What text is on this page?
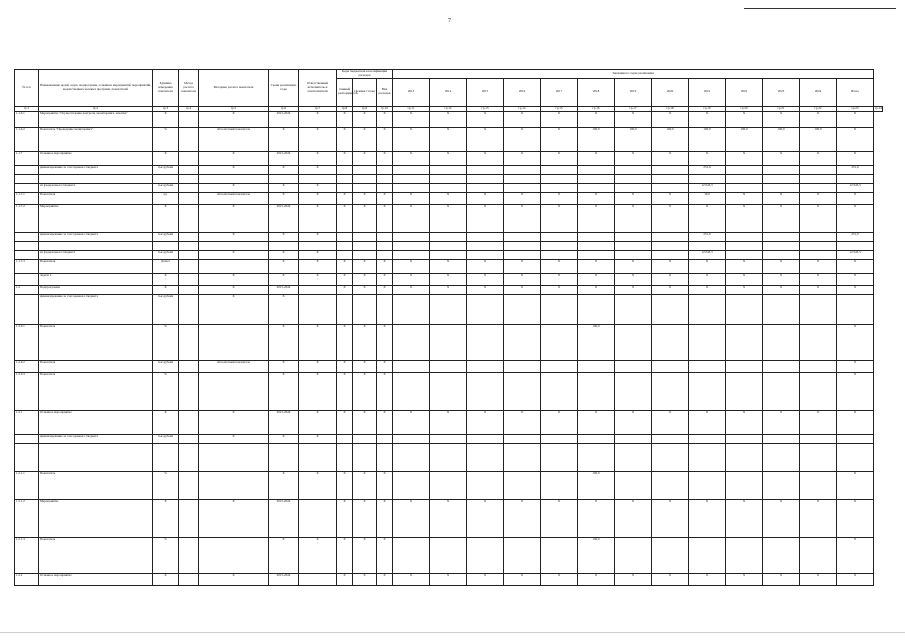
7
№ п/п	Наименование целей, задач, подпрограмм, основных мероприятий, мероприятий, ведомственных целевых программ, показателей	Единица измерения показателя	Метод расчета показателя	Методика расчета показателя	Сроки реализации, годы	Ответственный исполнитель и соисполнители	Коды бюджетной классификации расходов			Значения по годам реализации													
							главный распорядитель	Целевая статья	Вид расходов	2013	2014	2015	2016	2017	2018	2019	2020	2021	2022	2023	2024	Итого	
гр.1	гр.2	гр.3	гр.4	гр.5	гр.6	гр.7	гр.8	гр.9	гр.10	гр.11	гр.12	гр.13	гр.14	гр.15	гр.16	гр.17	гр.18	гр.19	гр.20	гр.21	гр.22	гр.23	гр.24
1.1.6.1	Мероприятие "Осуществление контроля, мониторинга, анализа"	X		X	2015-2024	X	X	X	X	X	X	X	X	X	X	X	X	X	X	X	X	X	
1.1.6.2	Показатель "Проведение мониторинга"	%		Абсолютный показатель	X	X	X	X	X	X	X	X	X	X	100,0	100,0	100,0	100,0	100,0	100,0	100,0	X	
1.1.7	Основное мероприятие	X		X	2015-2024	X	X	X	X	X	X	X	X	X	X	X	X	X	X	X	X	X	
	финансирование за счет краевого бюджета	тыс.рублей		X	X	X												251,9				251,9	

	из федерального бюджета	тыс.рублей		X	X	X												12 043,3				12 043,3	
1.1.7.1	Показатель	ед.		Абсолютный показатель	X	X	X	X	X	X	X	X	X	X	X	X	X	10,0	X	X	X	X	
1.1.7.2	Мероприятие	X		X	2015-2024	X	X	X	X	X	X	X	X	X	X	X	X	X	X	X	X	X	
	финансирование за счет краевого бюджета	тыс.рублей		X	X	X												251,9				251,9	

	из федерального бюджета	тыс.рублей		X	X	X												12 043,3				12 043,3	
1.1.7.3	Показатель	Да/нет			X	X	X	X	X	X	X	X	X	X	X	X	X	X	X	X	X	X	
	Задача 2	X		X	X	X	X	X	X	X	X	X	X	X	X	X	X	X	X	X	X	X	
1.2	Подпрограмма	X		X	2015-2024		X	X	X	X	X	X	X	X	X	X	X	X	X	X	X	X	
	финансирование за счет краевого бюджета	тыс.рублей		X	X																		
1.2.0.1	Показатель	%			X	X	X	X	X						100,0							X	
1.2.0.2	Показатель	тыс.рублей		Абсолютный показатель	X	X	X	X	X													X	
1.2.0.3	Показатель	%			X	X	X	X	X													X	
1.2.1	Основное мероприятие	X		X	2015-2024	X	X	X	X	X	X	X	X	X	X	X	X	X	X	X	X	X	
	финансирование за счет краевого бюджета	тыс.рублей		X	X	X																	

1.2.1.1	Показатель	%			X	X	X	X	X						100,0							X	
1.2.1.2	Мероприятие	X		X	2015-2024		X	X	X	X	X	X	X	X	X	X	X	X	X	X	X	X	
1.2.1.3	Показатель	%			X	X	X	X	X						100,0							X	
1.2.2	Основное мероприятие	X		X	2015-2024		X	X	X	X	X	X	X	X	X	X	X	X	X	X	X	X	
